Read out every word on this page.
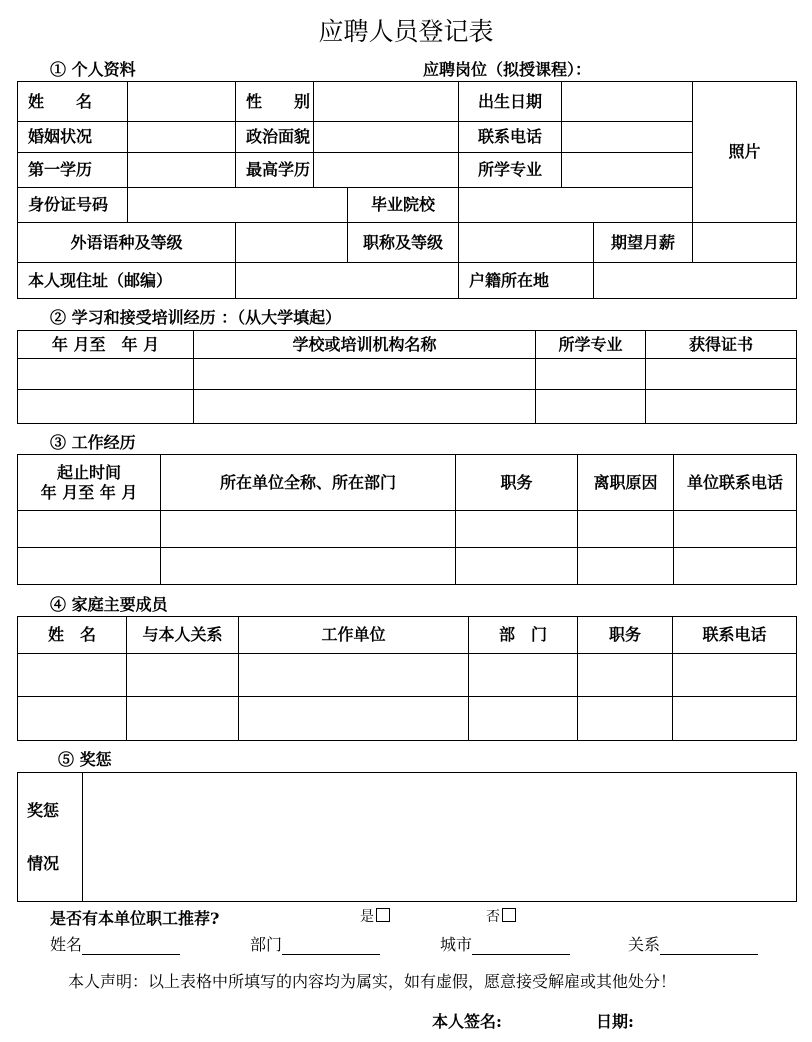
应聘人员登记表
① 个人资料	应聘岗位（拟授课程）：
姓　　名		性　　别			出生日期			照片
婚姻状况		政治面貌			联系电话			
第一学历		最高学历			所学专业			
身份证号码				毕业院校				
外语语种及等级				职称及等级			期望月薪	
本人现住址（邮编）					户籍所在地			
② 学习和接受培训经历 ：（从大学填起）
年 月至　年 月	学校或培训机构名称	所学专业	获得证书

③ 工作经历
起止时间
年 月至 年 月	所在单位全称、所在部门	职务	离职原因	单位联系电话

④ 家庭主要成员
姓　名	与本人关系	工作单位	部　门	职务	联系电话

⑤ 奖惩
奖惩
情况

是否有本单位职工推荐?	是	否
姓名	部门	城市	关系
本人声明：以上表格中所填写的内容均为属实，如有虚假，愿意接受解雇或其他处分！
本人签名:	日期:
